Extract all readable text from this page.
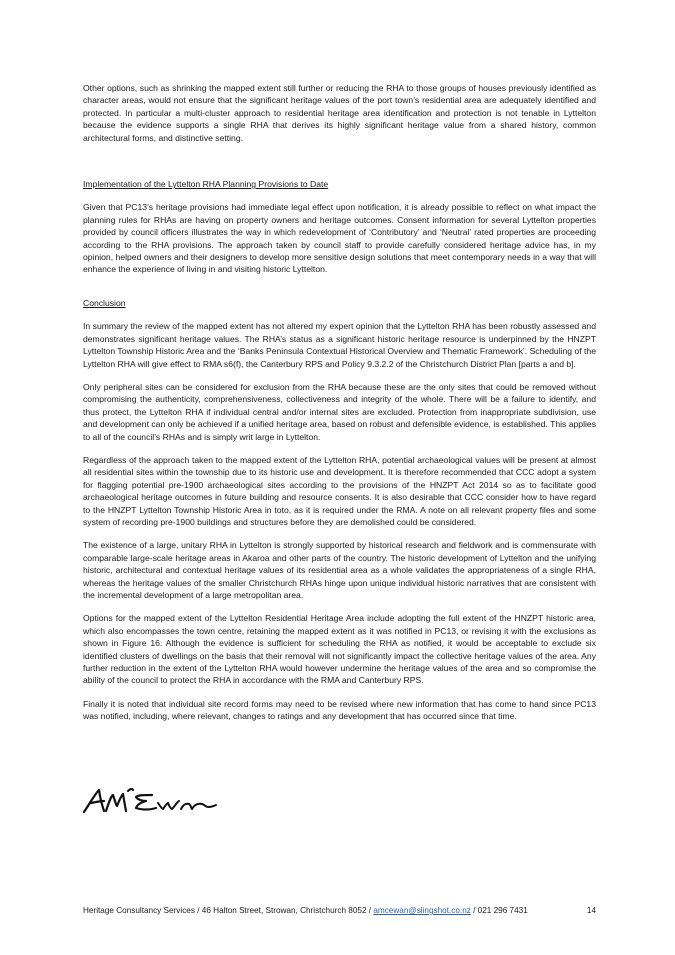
Other options, such as shrinking the mapped extent still further or reducing the RHA to those groups of houses previously identified as character areas, would not ensure that the significant heritage values of the port town’s residential area are adequately identified and protected. In particular a multi-cluster approach to residential heritage area identification and protection is not tenable in Lyttelton because the evidence supports a single RHA that derives its highly significant heritage value from a shared history, common architectural forms, and distinctive setting.

Implementation of the Lyttelton RHA Planning Provisions to Date

Given that PC13’s heritage provisions had immediate legal effect upon notification, it is already possible to reflect on what impact the planning rules for RHAs are having on property owners and heritage outcomes. Consent information for several Lyttelton properties provided by council officers illustrates the way in which redevelopment of ‘Contributory’ and ‘Neutral’ rated properties are proceeding according to the RHA provisions. The approach taken by council staff to provide carefully considered heritage advice has, in my opinion, helped owners and their designers to develop more sensitive design solutions that meet contemporary needs in a way that will enhance the experience of living in and visiting historic Lyttelton.

Conclusion

In summary the review of the mapped extent has not altered my expert opinion that the Lyttelton RHA has been robustly assessed and demonstrates significant heritage values. The RHA’s status as a significant historic heritage resource is underpinned by the HNZPT Lyttelton Township Historic Area and the ‘Banks Peninsula Contextual Historical Overview and Thematic Framework’. Scheduling of the Lyttelton RHA will give effect to RMA s6(f), the Canterbury RPS and Policy 9.3.2.2 of the Christchurch District Plan [parts a and b].

Only peripheral sites can be considered for exclusion from the RHA because these are the only sites that could be removed without compromising the authenticity, comprehensiveness, collectiveness and integrity of the whole. There will be a failure to identify, and thus protect, the Lyttelton RHA if individual central and/or internal sites are excluded. Protection from inappropriate subdivision, use and development can only be achieved if a unified heritage area, based on robust and defensible evidence, is established. This applies to all of the council’s RHAs and is simply writ large in Lyttelton.

Regardless of the approach taken to the mapped extent of the Lyttelton RHA, potential archaeological values will be present at almost all residential sites within the township due to its historic use and development. It is therefore recommended that CCC adopt a system for flagging potential pre-1900 archaeological sites according to the provisions of the HNZPT Act 2014 so as to facilitate good archaeological heritage outcomes in future building and resource consents. It is also desirable that CCC consider how to have regard to the HNZPT Lyttelton Township Historic Area in toto, as it is required under the RMA. A note on all relevant property files and some system of recording pre-1900 buildings and structures before they are demolished could be considered.

The existence of a large, unitary RHA in Lyttelton is strongly supported by historical research and fieldwork and is commensurate with comparable large-scale heritage areas in Akaroa and other parts of the country. The historic development of Lyttelton and the unifying historic, architectural and contextual heritage values of its residential area as a whole validates the appropriateness of a single RHA, whereas the heritage values of the smaller Christchurch RHAs hinge upon unique individual historic narratives that are consistent with the incremental development of a large metropolitan area.

Options for the mapped extent of the Lyttelton Residential Heritage Area include adopting the full extent of the HNZPT historic area, which also encompasses the town centre, retaining the mapped extent as it was notified in PC13, or revising it with the exclusions as shown in Figure 16. Although the evidence is sufficient for scheduling the RHA as notified, it would be acceptable to exclude six identified clusters of dwellings on the basis that their removal will not significantly impact the collective heritage values of the area. Any further reduction in the extent of the Lyttelton RHA would however undermine the heritage values of the area and so compromise the ability of the council to protect the RHA in accordance with the RMA and Canterbury RPS.

Finally it is noted that individual site record forms may need to be revised where new information that has come to hand since PC13 was notified, including, where relevant, changes to ratings and any development that has occurred since that time.

Heritage Consultancy Services / 46 Halton Street, Strowan, Christchurch 8052 / amcewan@slingshot.co.nz / 021 296 7431	14
